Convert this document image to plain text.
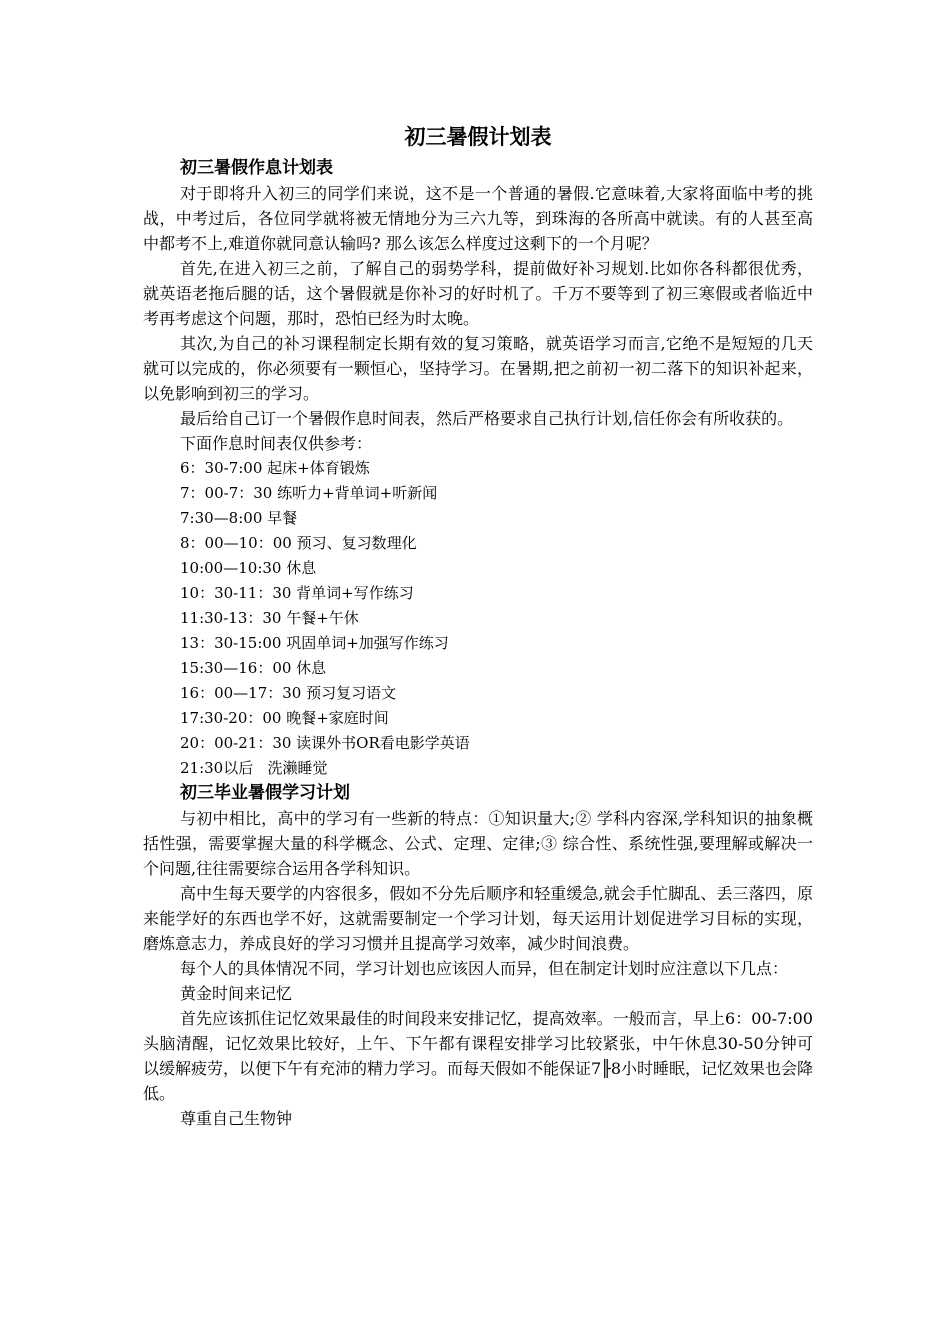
初三暑假计划表
初三暑假作息计划表

对于即将升入初三的同学们来说，这不是一个普通的暑假.它意味着,大家将面临中考的挑战，中考过后，各位同学就将被无情地分为三六九等，到珠海的各所高中就读。有的人甚至高中都考不上,难道你就同意认输吗? 那么该怎么样度过这剩下的一个月呢？

首先,在进入初三之前，了解自己的弱势学科，提前做好补习规划.比如你各科都很优秀，就英语老拖后腿的话，这个暑假就是你补习的好时机了。千万不要等到了初三寒假或者临近中考再考虑这个问题，那时，恐怕已经为时太晚。

其次,为自己的补习课程制定长期有效的复习策略，就英语学习而言,它绝不是短短的几天就可以完成的，你必须要有一颗恒心，坚持学习。在暑期,把之前初一初二落下的知识补起来，以免影响到初三的学习。

最后给自己订一个暑假作息时间表，然后严格要求自己执行计划,信任你会有所收获的。

下面作息时间表仅供参考：

6：30-7:00 起床+体育锻炼

7：00-7：30 练听力+背单词+听新闻

7:30—8:00 早餐

8：00—10：00 预习、复习数理化

10:00—10:30 休息

10：30-11：30 背单词+写作练习

11:30-13：30 午餐+午休

13：30-15:00 巩固单词+加强写作练习

15:30—16：00 休息

16：00—17：30 预习复习语文

17:30-20：00 晚餐+家庭时间

20：00-21：30 读课外书OR看电影学英语

21:30以后   洗濑睡觉

初三毕业暑假学习计划

与初中相比，高中的学习有一些新的特点：①知识量大;② 学科内容深,学科知识的抽象概括性强，需要掌握大量的科学概念、公式、定理、定律;③ 综合性、系统性强,要理解或解决一个问题,往往需要综合运用各学科知识。

高中生每天要学的内容很多，假如不分先后顺序和轻重缓急,就会手忙脚乱、丢三落四，原来能学好的东西也学不好，这就需要制定一个学习计划，每天运用计划促进学习目标的实现，磨炼意志力，养成良好的学习习惯并且提高学习效率，减少时间浪费。

每个人的具体情况不同，学习计划也应该因人而异，但在制定计划时应注意以下几点：

黄金时间来记忆

首先应该抓住记忆效果最佳的时间段来安排记忆，提高效率。一般而言，早上6：00-7:00头脑清醒，记忆效果比较好，上午、下午都有课程安排学习比较紧张，中午休息30-50分钟可以缓解疲劳，以便下午有充沛的精力学习。而每天假如不能保证7╟8小时睡眠，记忆效果也会降低。

尊重自己生物钟
